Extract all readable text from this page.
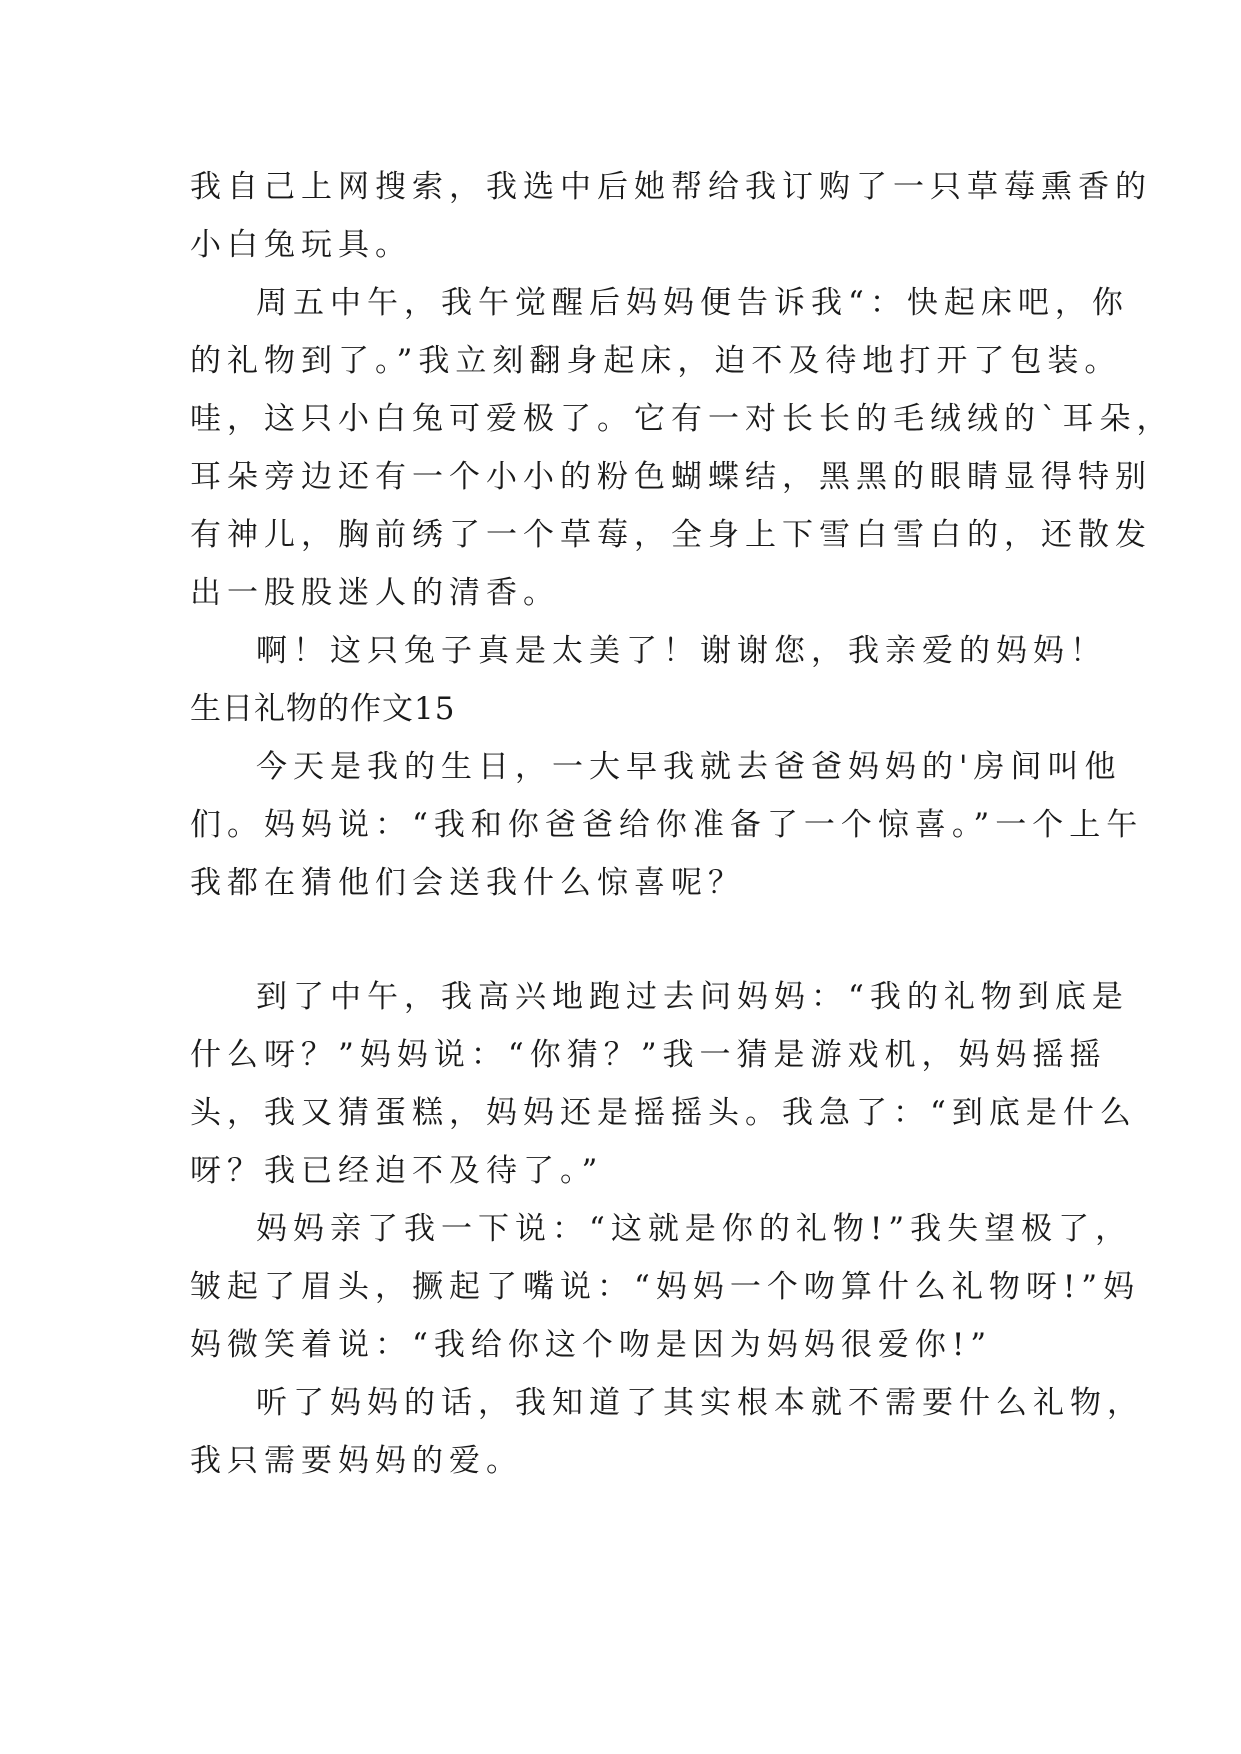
我自己上网搜索，我选中后她帮给我订购了一只草莓熏香的
小白兔玩具。
周五中午，我午觉醒后妈妈便告诉我“：快起床吧，你
的礼物到了。”我立刻翻身起床，迫不及待地打开了包装。
哇，这只小白兔可爱极了。它有一对长长的毛绒绒的`耳朵，
耳朵旁边还有一个小小的粉色蝴蝶结，黑黑的眼睛显得特别
有神儿，胸前绣了一个草莓，全身上下雪白雪白的，还散发
出一股股迷人的清香。
啊！这只兔子真是太美了！谢谢您，我亲爱的妈妈！
生日礼物的作文15
今天是我的生日，一大早我就去爸爸妈妈的'房间叫他
们。妈妈说：“我和你爸爸给你准备了一个惊喜。”一个上午
我都在猜他们会送我什么惊喜呢？
到了中午，我高兴地跑过去问妈妈：“我的礼物到底是
什么呀？”妈妈说：“你猜？”我一猜是游戏机，妈妈摇摇
头，我又猜蛋糕，妈妈还是摇摇头。我急了：“到底是什么
呀？我已经迫不及待了。”
妈妈亲了我一下说：“这就是你的礼物!”我失望极了，
皱起了眉头，撅起了嘴说：“妈妈一个吻算什么礼物呀!”妈
妈微笑着说：“我给你这个吻是因为妈妈很爱你!”
听了妈妈的话，我知道了其实根本就不需要什么礼物，
我只需要妈妈的爱。
